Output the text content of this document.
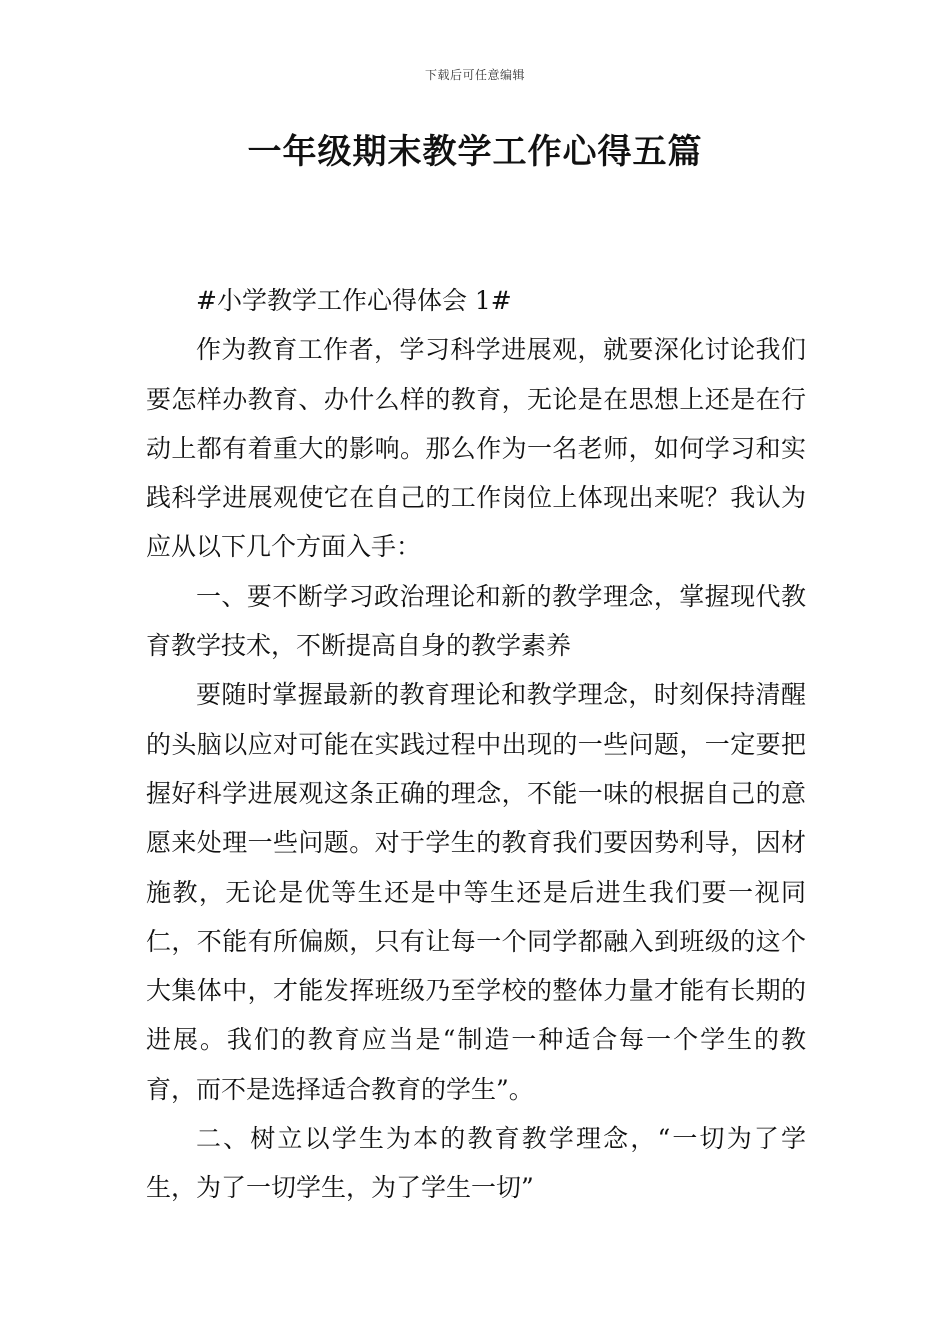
下载后可任意编辑
一年级期末教学工作心得五篇

#小学教学工作心得体会 1#

作为教育工作者，学习科学进展观，就要深化讨论我们要怎样办教育、办什么样的教育，无论是在思想上还是在行动上都有着重大的影响。那么作为一名老师，如何学习和实践科学进展观使它在自己的工作岗位上体现出来呢？我认为应从以下几个方面入手：

一、要不断学习政治理论和新的教学理念，掌握现代教育教学技术，不断提高自身的教学素养

要随时掌握最新的教育理论和教学理念，时刻保持清醒的头脑以应对可能在实践过程中出现的一些问题，一定要把握好科学进展观这条正确的理念，不能一味的根据自己的意愿来处理一些问题。对于学生的教育我们要因势利导，因材施教，无论是优等生还是中等生还是后进生我们要一视同仁，不能有所偏颇，只有让每一个同学都融入到班级的这个大集体中，才能发挥班级乃至学校的整体力量才能有长期的进展。我们的教育应当是“制造一种适合每一个学生的教育，而不是选择适合教育的学生”。

二、树立以学生为本的教育教学理念，“一切为了学生，为了一切学生，为了学生一切”
